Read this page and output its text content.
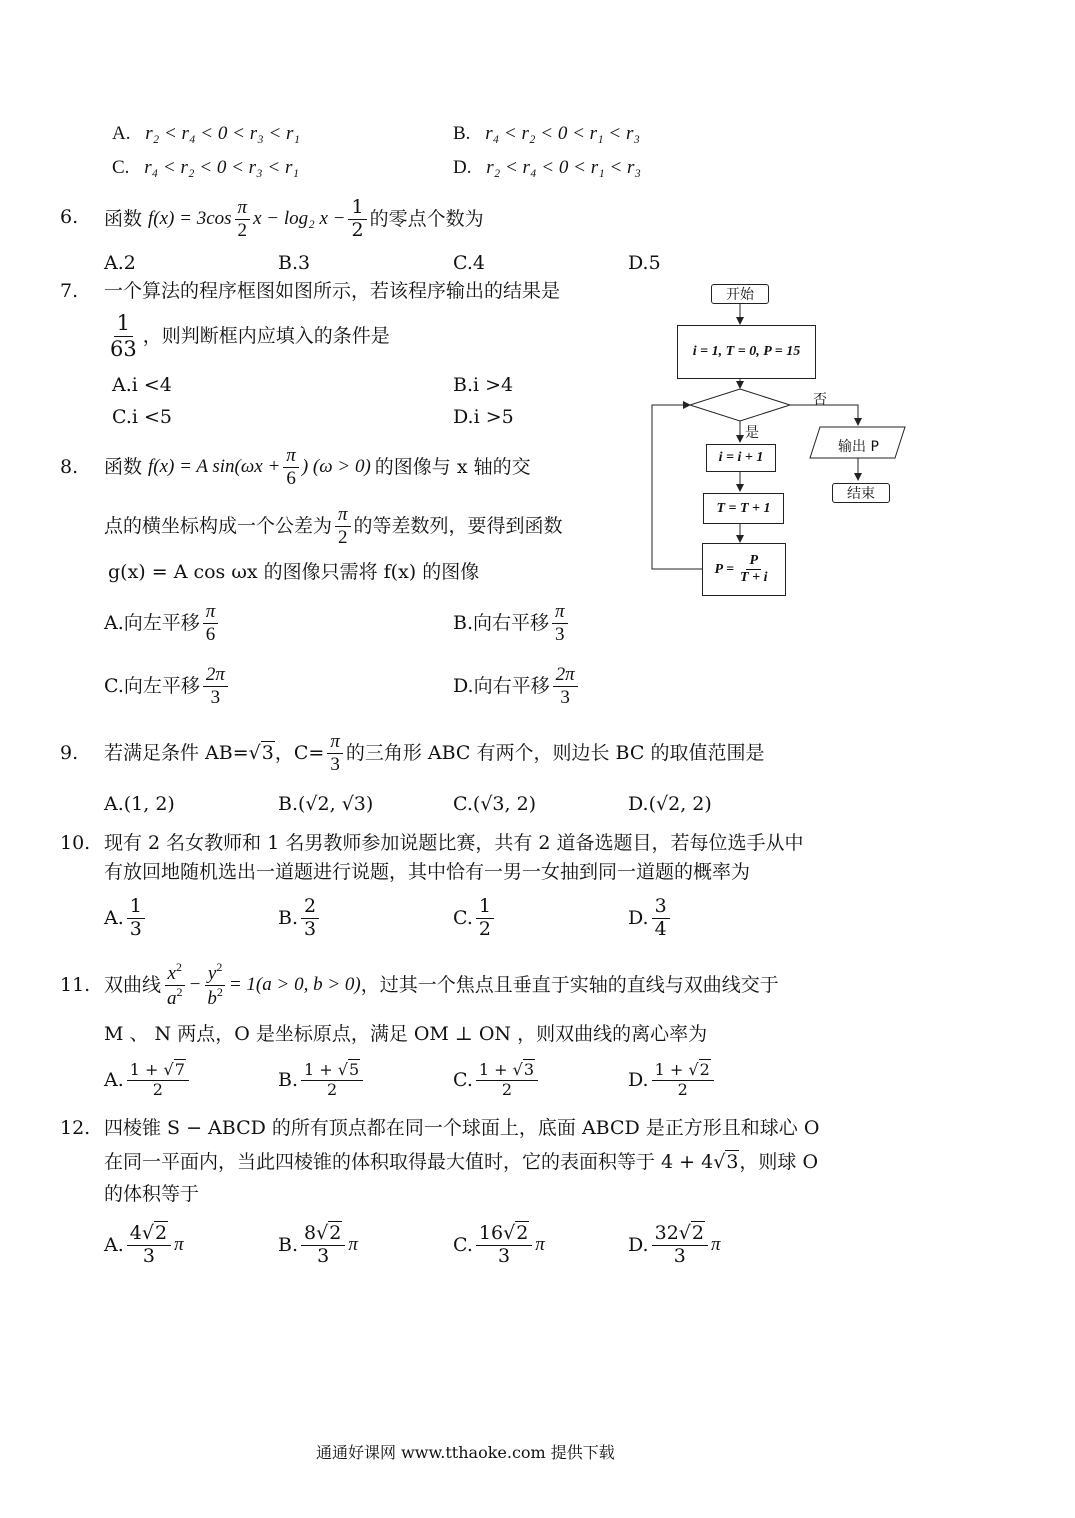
A. r₂ < r₄ < 0 < r₃ < r₁	B. r₄ < r₂ < 0 < r₁ < r₃
C. r₄ < r₂ < 0 < r₃ < r₁	D. r₂ < r₄ < 0 < r₁ < r₃
6. 函数 $f(x) = 3\cos \frac{\pi}{2}$ x − log₂ $x - \frac{1}{2}$ 的零点个数为
A.2	B.3	C.4	D.5
7. 一个算法的程序框图如图所示，若该程序输出的结果是
$\frac{1}{63}$ ，则判断框内应填入的条件是
A.i <4	B.i >4
C.i <5	D.i >5
开始
i = 1, T = 0, P = 15
否
是
输出 P
结束
i = i + 1
T = T + 1
$P = \frac{P}{T + i}$
8. 函数 f(x) = A $\sin(\omega x + \frac{\pi}{6}$ ) (ω > 0) 的图像与 x 轴的交
点的横坐标构成一个公差为 $\frac{\pi}{2}$ 的等差数列，要得到函数
g(x) = A cos ωx 的图像只需将 f(x) 的图像
A.向左平移 $\frac{\pi}{6}$	B.向右平移 $\frac{\pi}{3}$
C.向左平移 $\frac{2\pi}{3}$	D.向右平移 $\frac{2\pi}{3}$
9. 若满足条件 AB= √3 ，$C= \frac{\pi}{3}$ 的三角形 ABC 有两个，则边长 BC 的取值范围是
A.(1, 2)	B.(√2, √3)	C.(√3, 2)	D.(√2, 2)
10. 现有 2 名女教师和 1 名男教师参加说题比赛，共有 2 道备选题目，若每位选手从中
有放回地随机选出一道题进行说题，其中恰有一男一女抽到同一道题的概率为
A. $\frac{1}{3}$	B. $\frac{2}{3}$	C. $\frac{1}{2}$	D. $\frac{3}{4}$
11. 双曲线 $\frac{x^2}{a^2} - \frac{y^2}{b^2} = 1(a > 0$, b > 0) ，过其一个焦点且垂直于实轴的直线与双曲线交于
M 、 N 两点，O 是坐标原点，满足 OM ⊥ ON ，则双曲线的离心率为
A. $\frac{1 + √7}{2}$	B. $\frac{1 + √5}{2}$	C. $\frac{1 + √3}{2}$	D. $\frac{1 + √2}{2}$
12. 四棱锥 S − ABCD 的所有顶点都在同一个球面上，底面 ABCD 是正方形且和球心 O
在同一平面内，当此四棱锥的体积取得最大值时，它的表面积等于 4 + 4√3，则球 O
的体积等于
A. $\frac{4√2}{3}$ π	B. $\frac{8√2}{3}$ π	C. $\frac{16√2}{3}$ π	D. $\frac{32√2}{3}$ π
通通好课网 www.tthaoke.com 提供下载
